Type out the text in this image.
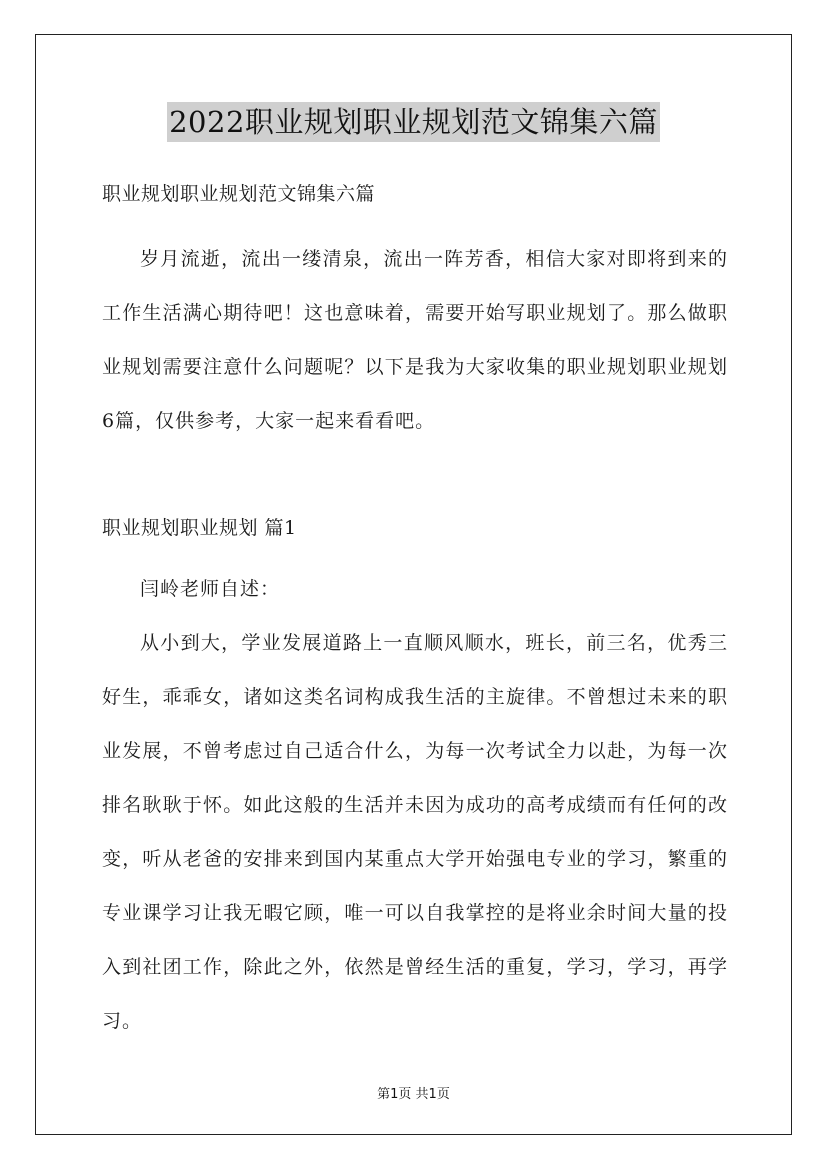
2022职业规划职业规划范文锦集六篇
职业规划职业规划范文锦集六篇

岁月流逝，流出一缕清泉，流出一阵芳香，相信大家对即将到来的工作生活满心期待吧！这也意味着，需要开始写职业规划了。那么做职业规划需要注意什么问题呢？以下是我为大家收集的职业规划职业规划6篇，仅供参考，大家一起来看看吧。

职业规划职业规划 篇1

闫岭老师自述：

从小到大，学业发展道路上一直顺风顺水，班长，前三名，优秀三好生，乖乖女，诸如这类名词构成我生活的主旋律。不曾想过未来的职业发展，不曾考虑过自己适合什么，为每一次考试全力以赴，为每一次排名耿耿于怀。如此这般的生活并未因为成功的高考成绩而有任何的改变，听从老爸的安排来到国内某重点大学开始强电专业的学习，繁重的专业课学习让我无暇它顾，唯一可以自我掌控的是将业余时间大量的投入到社团工作，除此之外，依然是曾经生活的重复，学习，学习，再学习。

第1页 共1页
